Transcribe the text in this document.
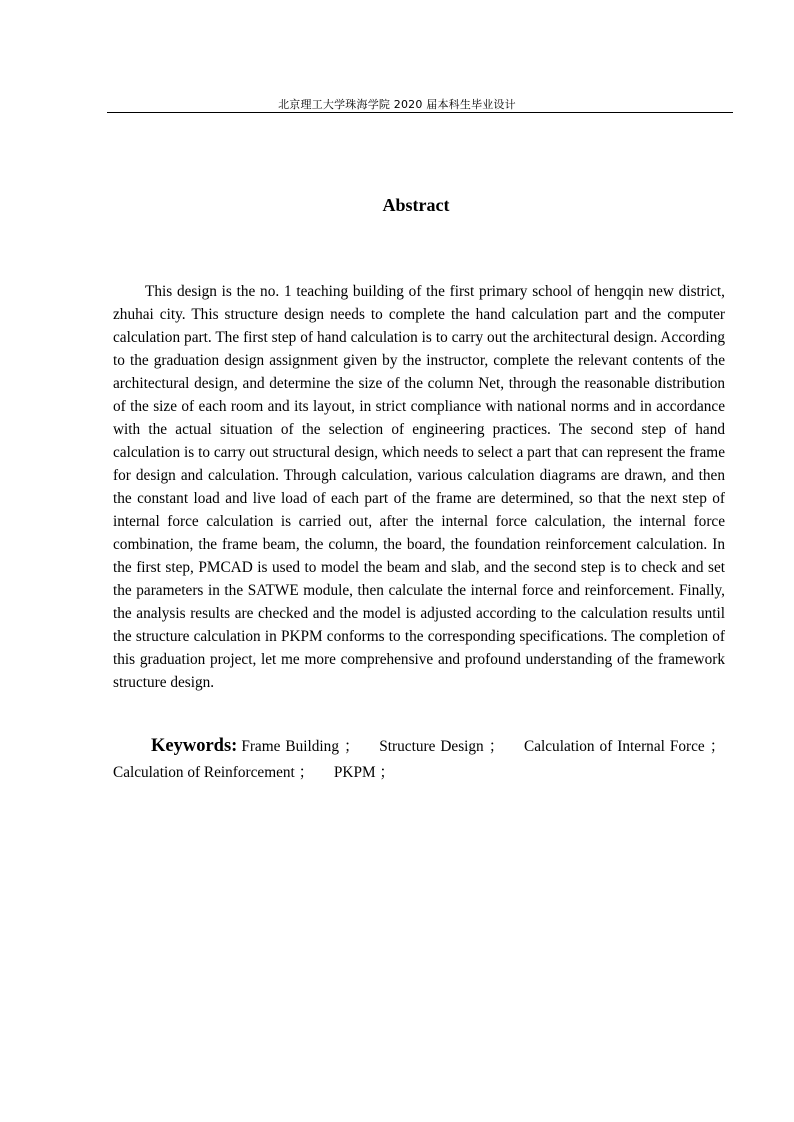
北京理工大学珠海学院 2020 届本科生毕业设计
Abstract

This design is the no. 1 teaching building of the first primary school of hengqin new district, zhuhai city. This structure design needs to complete the hand calculation part and the computer calculation part. The first step of hand calculation is to carry out the architectural design. According to the graduation design assignment given by the instructor, complete the relevant contents of the architectural design, and determine the size of the column Net, through the reasonable distribution of the size of each room and its layout, in strict compliance with national norms and in accordance with the actual situation of the selection of engineering practices. The second step of hand calculation is to carry out structural design, which needs to select a part that can represent the frame for design and calculation. Through calculation, various calculation diagrams are drawn, and then the constant load and live load of each part of the frame are determined, so that the next step of internal force calculation is carried out, after the internal force calculation, the internal force combination, the frame beam, the column, the board, the foundation reinforcement calculation. In the first step, PMCAD is used to model the beam and slab, and the second step is to check and set the parameters in the SATWE module, then calculate the internal force and reinforcement. Finally, the analysis results are checked and the model is adjusted according to the calculation results until the structure calculation in PKPM conforms to the corresponding specifications. The completion of this graduation project, let me more comprehensive and profound understanding of the framework structure design.

Keywords: Frame Building ； Structure Design ； Calculation of Internal Force ； Calculation of Reinforcement ； PKPM ；
